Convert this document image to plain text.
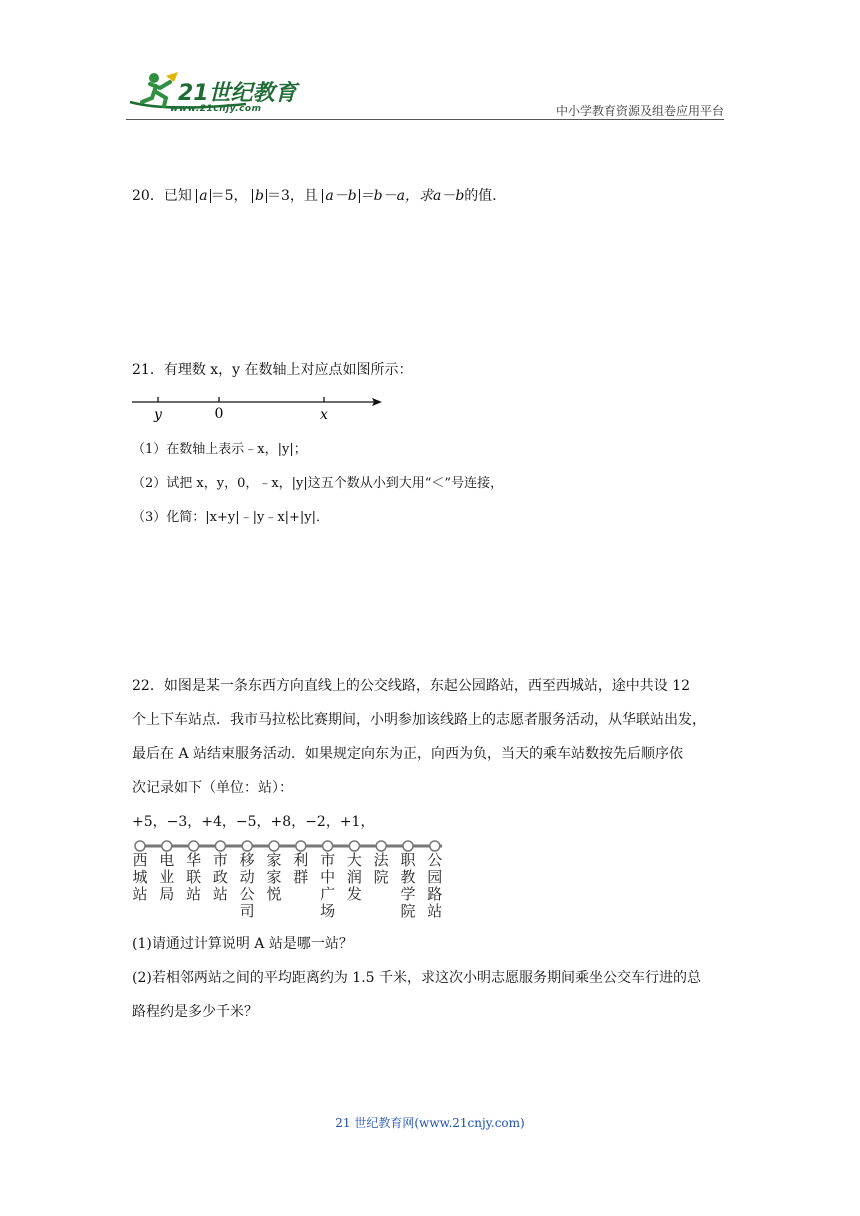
21世纪教育
www.21cnjy.com	中小学教育资源及组卷应用平台
20．已知 a ＝5， b ＝3，且 a－b ＝b－a，求a－b的值．
21．有理数 x，y 在数轴上对应点如图所示：
y	0	x
（1）在数轴上表示﹣x，|y|；
（2）试把 x，y，0，﹣x，|y|这五个数从小到大用“＜”号连接，
（3）化简：|x+y|﹣|y﹣x|+|y|．
22．如图是某一条东西方向直线上的公交线路，东起公园路站，西至西城站，途中共设 12
个上下车站点．我市马拉松比赛期间，小明参加该线路上的志愿者服务活动，从华联站出发，
最后在 A 站结束服务活动．如果规定向东为正，向西为负，当天的乘车站数按先后顺序依
次记录如下（单位：站）：
+5，−3，+4，−5，+8，−2，+1，
西
城
站
电
业
局
华
联
站
市
政
站
移
动
公
司
家
家
悦
利
群
市
中
广
场
大
润
发
法
院
职
教
学
院
公
园
路
站
(1)请通过计算说明 A 站是哪一站？
(2)若相邻两站之间的平均距离约为 1.5 千米，求这次小明志愿服务期间乘坐公交车行进的总
路程约是多少千米？
21 世纪教育网(www.21cnjy.com)
